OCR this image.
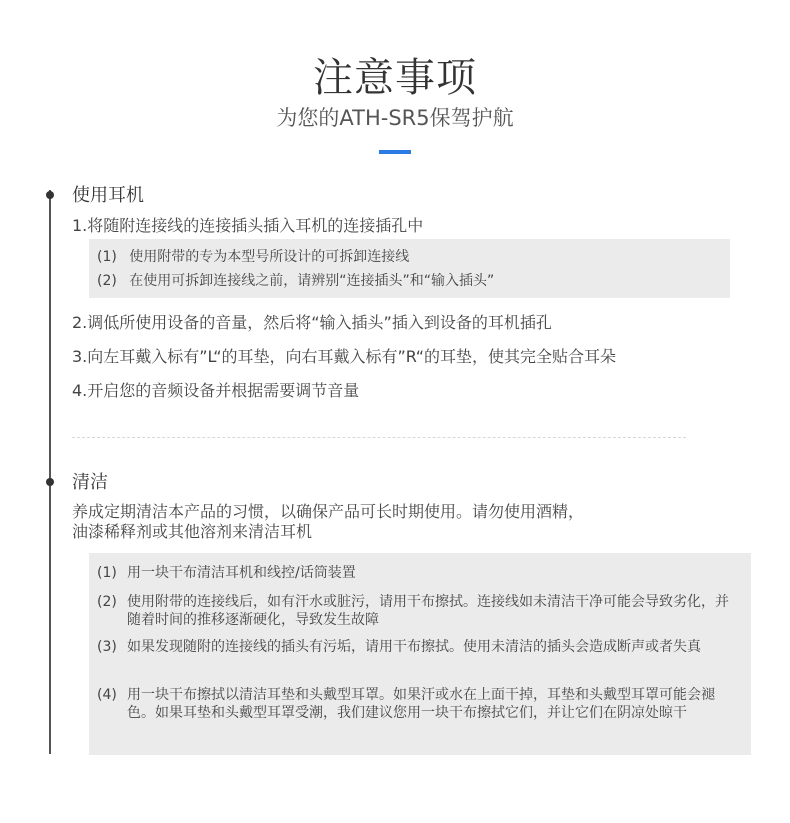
注意事项
为您的ATH-SR5保驾护航
使用耳机
1.将随附连接线的连接插头插入耳机的连接插孔中
(1) 使用附带的专为本型号所设计的可拆卸连接线
(2) 在使用可拆卸连接线之前，请辨别“连接插头”和“输入插头”
2.调低所使用设备的音量，然后将“输入插头”插入到设备的耳机插孔
3.向左耳戴入标有”L“的耳垫，向右耳戴入标有”R“的耳垫，使其完全贴合耳朵
4.开启您的音频设备并根据需要调节音量
清洁
养成定期清洁本产品的习惯，以确保产品可长时期使用。请勿使用酒精，
油漆稀释剂或其他溶剂来清洁耳机
(1) 用一块干布清洁耳机和线控/话筒装置
(2) 使用附带的连接线后，如有汗水或脏污，请用干布擦拭。连接线如未清洁干净可能会导致劣化，并随着时间的推移逐渐硬化，导致发生故障
(3) 如果发现随附的连接线的插头有污垢，请用干布擦拭。使用未清洁的插头会造成断声或者失真
(4) 用一块干布擦拭以清洁耳垫和头戴型耳罩。如果汗或水在上面干掉，耳垫和头戴型耳罩可能会褪色。如果耳垫和头戴型耳罩受潮，我们建议您用一块干布擦拭它们，并让它们在阴凉处晾干
